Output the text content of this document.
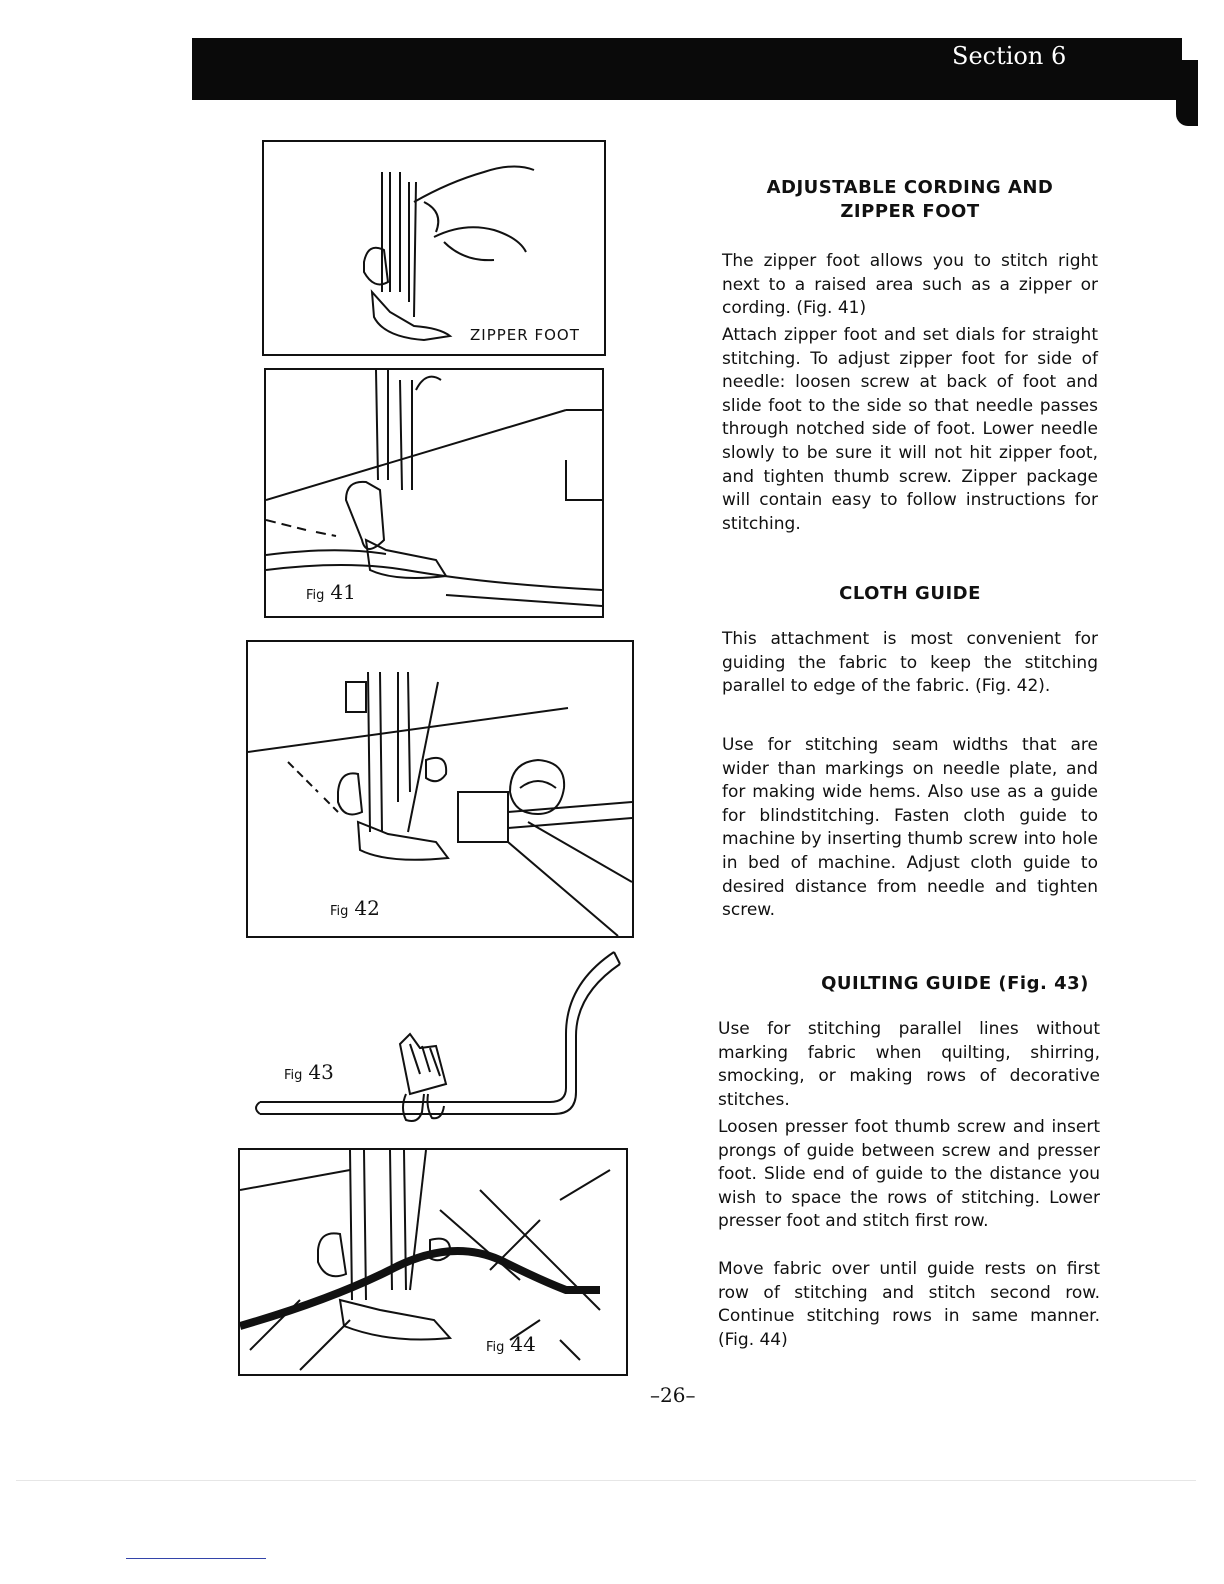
Section 6
ZIPPER FOOT
Fig 41
Fig 42
Fig 43
Fig 44
ADJUSTABLE CORDING AND
ZIPPER FOOT

The zipper foot allows you to stitch right next to a raised area such as a zipper or cording. (Fig. 41)

Attach zipper foot and set dials for straight stitching. To adjust zipper foot for side of needle: loosen screw at back of foot and slide foot to the side so that needle passes through notched side of foot. Lower needle slowly to be sure it will not hit zipper foot, and tighten thumb screw. Zipper package will contain easy to follow instructions for stitching.

CLOTH GUIDE

This attachment is most convenient for guiding the fabric to keep the stitching parallel to edge of the fabric. (Fig. 42).

Use for stitching seam widths that are wider than markings on needle plate, and for making wide hems. Also use as a guide for blindstitching. Fasten cloth guide to machine by inserting thumb screw into hole in bed of machine. Adjust cloth guide to desired distance from needle and tighten screw.

QUILTING GUIDE (Fig. 43)

Use for stitching parallel lines without marking fabric when quilting, shirring, smocking, or making rows of decorative stitches.

Loosen presser foot thumb screw and insert prongs of guide between screw and presser foot. Slide end of guide to the distance you wish to space the rows of stitching. Lower presser foot and stitch first row.

Move fabric over until guide rests on first row of stitching and stitch second row. Continue stitching rows in same manner. (Fig. 44)

–26–
